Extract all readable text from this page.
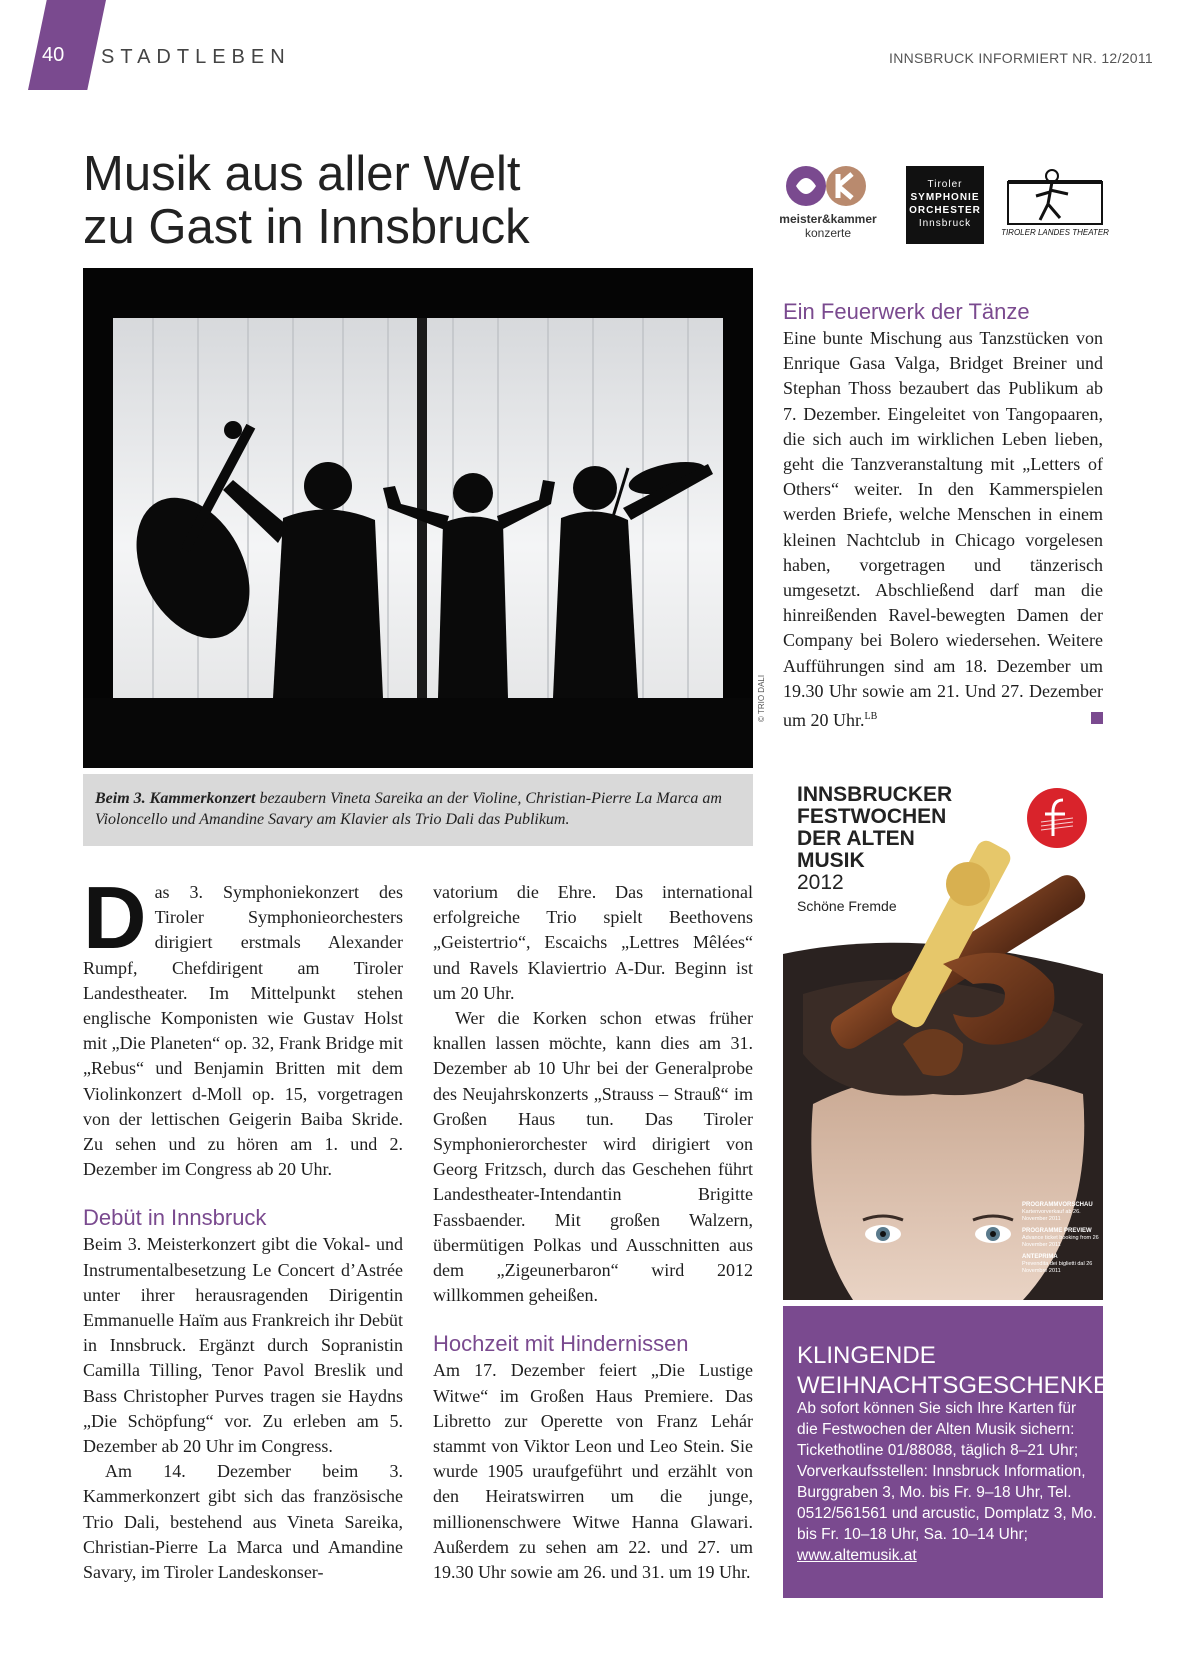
40 STADTLEBEN	INNSBRUCK INFORMIERT NR. 12/2011
Musik aus aller Welt
zu Gast in Innsbruck	meister&kammer
konzerte
Tiroler
SYMPHONIE
ORCHESTER
Innsbruck
TIROLER LANDES THEATER
© TRIO DALI
Beim 3. Kammerkonzert bezaubern Vineta Sareika an der Violine, Christian-Pierre La Marca am Violoncello und Amandine Savary am Klavier als Trio Dali das Publikum.

Das 3. Symphoniekonzert des Tiroler Symphonieorchesters dirigiert erstmals Alexander Rumpf, Chefdirigent am Tiroler Landestheater. Im Mittelpunkt stehen englische Komponisten wie Gustav Holst mit „Die Planeten“ op. 32, Frank Bridge mit „Rebus“ und Benjamin Britten mit dem Violinkonzert d-Moll op. 15, vorgetragen von der lettischen Geigerin Baiba Skride. Zu sehen und zu hören am 1. und 2. Dezember im Congress ab 20 Uhr.

Debüt in Innsbruck

Beim 3. Meisterkonzert gibt die Vokal- und Instrumentalbesetzung Le Concert d’Astrée unter ihrer herausragenden Dirigentin Emmanuelle Haïm aus Frankreich ihr Debüt in Innsbruck. Ergänzt durch Sopranistin Camilla Tilling, Tenor Pavol Breslik und Bass Christopher Purves tragen sie Haydns „Die Schöpfung“ vor. Zu erleben am 5. Dezember ab 20 Uhr im Congress.

Am 14. Dezember beim 3. Kammerkonzert gibt sich das französische Trio Dali, bestehend aus Vineta Sareika, Christian-Pierre La Marca und Amandine Savary, im Tiroler Landeskonser-

vatorium die Ehre. Das international erfolgreiche Trio spielt Beethovens „Geistertrio“, Escaichs „Lettres Mêlées“ und Ravels Klaviertrio A-Dur. Beginn ist um 20 Uhr.

Wer die Korken schon etwas früher knallen lassen möchte, kann dies am 31. Dezember ab 10 Uhr bei der Generalprobe des Neujahrskonzerts „Strauss – Strauß“ im Großen Haus tun. Das Tiroler Symphonierorchester wird dirigiert von Georg Fritzsch, durch das Geschehen führt Landestheater-Intendantin Brigitte Fassbaender. Mit großen Walzern, übermütigen Polkas und Ausschnitten aus dem „Zigeunerbaron“ wird 2012 willkommen geheißen.

Hochzeit mit Hindernissen

Am 17. Dezember feiert „Die Lustige Witwe“ im Großen Haus Premiere. Das Libretto zur Operette von Franz Lehár stammt von Viktor Leon und Leo Stein. Sie wurde 1905 uraufgeführt und erzählt von den Heiratswirren um die junge, millionenschwere Witwe Hanna Glawari. Außerdem zu sehen am 22. und 27. um 19.30 Uhr sowie am 26. und 31. um 19 Uhr.

Ein Feuerwerk der Tänze

Eine bunte Mischung aus Tanzstücken von Enrique Gasa Valga, Bridget Breiner und Stephan Thoss bezaubert das Publikum ab 7. Dezember. Eingeleitet von Tangopaaren, die sich auch im wirklichen Leben lieben, geht die Tanzveranstaltung mit „Letters of Others“ weiter. In den Kammerspielen werden Briefe, welche Menschen in einem kleinen Nachtclub in Chicago vorgelesen haben, vorgetragen und tänzerisch umgesetzt. Abschließend darf man die hinreißenden Ravel-bewegten Damen der Company bei Bolero wiedersehen. Weitere Aufführungen sind am 18. Dezember um 19.30 Uhr sowie am 21. Und 27. Dezember um 20 Uhr.$^{LB}$

INNSBRUCKER
FESTWOCHEN
DER ALTEN
MUSIK
2012
Schöne Fremde
PROGRAMMVORSCHAU
Kartenvorverkauf ab 26. November 2011
PROGRAMME PREVIEW
Advance ticket booking from 26 November 2011
ANTEPRIMA
Prevendita dei biglietti dal 26 Novembre 2011
KLINGENDE
WEIHNACHTSGESCHENKE
Ab sofort können Sie sich Ihre Karten für die Festwochen der Alten Musik sichern: Tickethotline 01/88088, täglich 8–21 Uhr; Vorverkaufsstellen: Innsbruck Information, Burggraben 3, Mo. bis Fr. 9–18 Uhr, Tel. 0512/561561 und arcustic, Domplatz 3, Mo. bis Fr. 10–18 Uhr, Sa. 10–14 Uhr; www.altemusik.at
